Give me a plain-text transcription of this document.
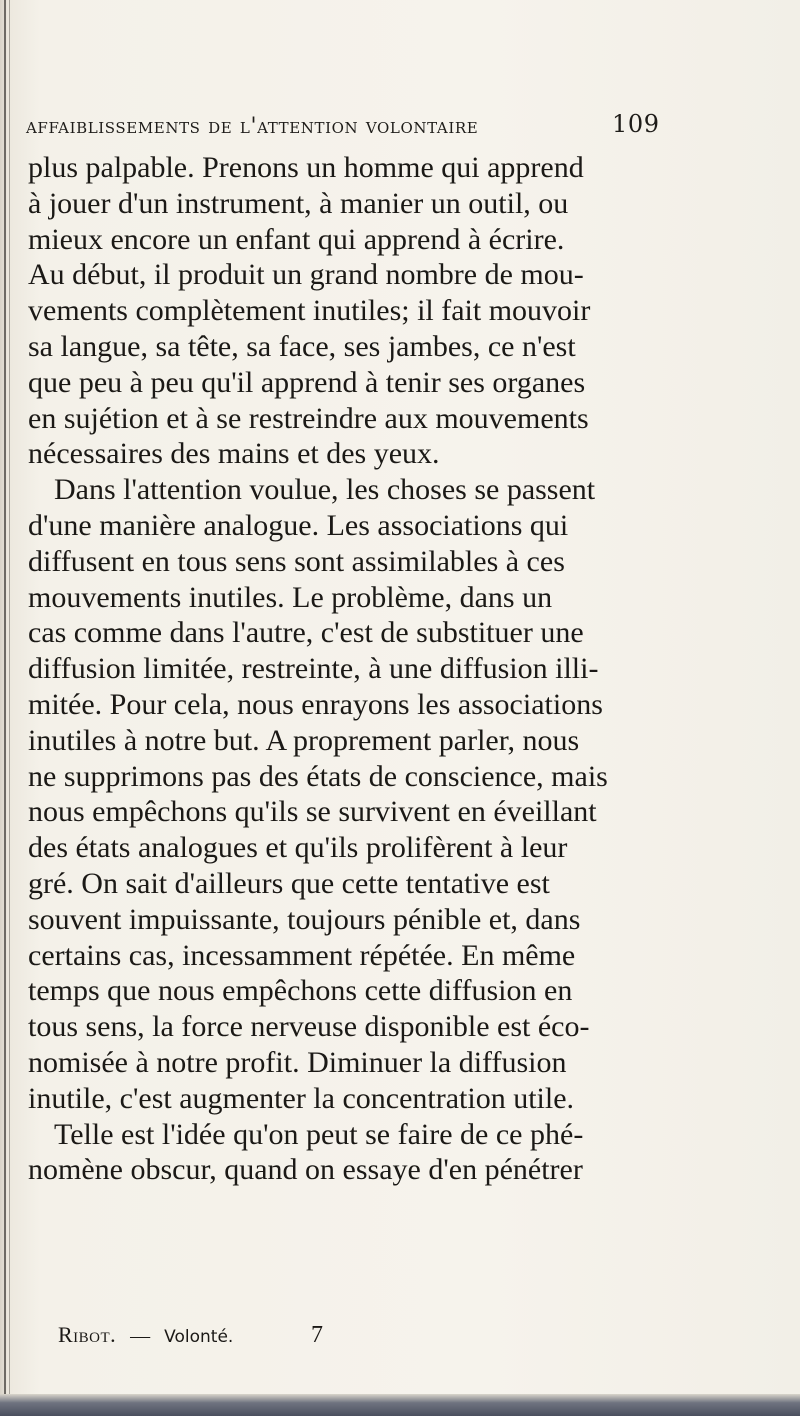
affaiblissements de l'attention volontaire	109
plus palpable. Prenons un homme qui apprend
à jouer d'un instrument, à manier un outil, ou
mieux encore un enfant qui apprend à écrire.
Au début, il produit un grand nombre de mou-
vements complètement inutiles; il fait mouvoir
sa langue, sa tête, sa face, ses jambes, ce n'est
que peu à peu qu'il apprend à tenir ses organes
en sujétion et à se restreindre aux mouvements
nécessaires des mains et des yeux.
Dans l'attention voulue, les choses se passent
d'une manière analogue. Les associations qui
diffusent en tous sens sont assimilables à ces
mouvements inutiles. Le problème, dans un
cas comme dans l'autre, c'est de substituer une
diffusion limitée, restreinte, à une diffusion illi-
mitée. Pour cela, nous enrayons les associations
inutiles à notre but. A proprement parler, nous
ne supprimons pas des états de conscience, mais
nous empêchons qu'ils se survivent en éveillant
des états analogues et qu'ils prolifèrent à leur
gré. On sait d'ailleurs que cette tentative est
souvent impuissante, toujours pénible et, dans
certains cas, incessamment répétée. En même
temps que nous empêchons cette diffusion en
tous sens, la force nerveuse disponible est éco-
nomisée à notre profit. Diminuer la diffusion
inutile, c'est augmenter la concentration utile.
Telle est l'idée qu'on peut se faire de ce phé-
nomène obscur, quand on essaye d'en pénétrer
Ribot. — Volonté.	7
